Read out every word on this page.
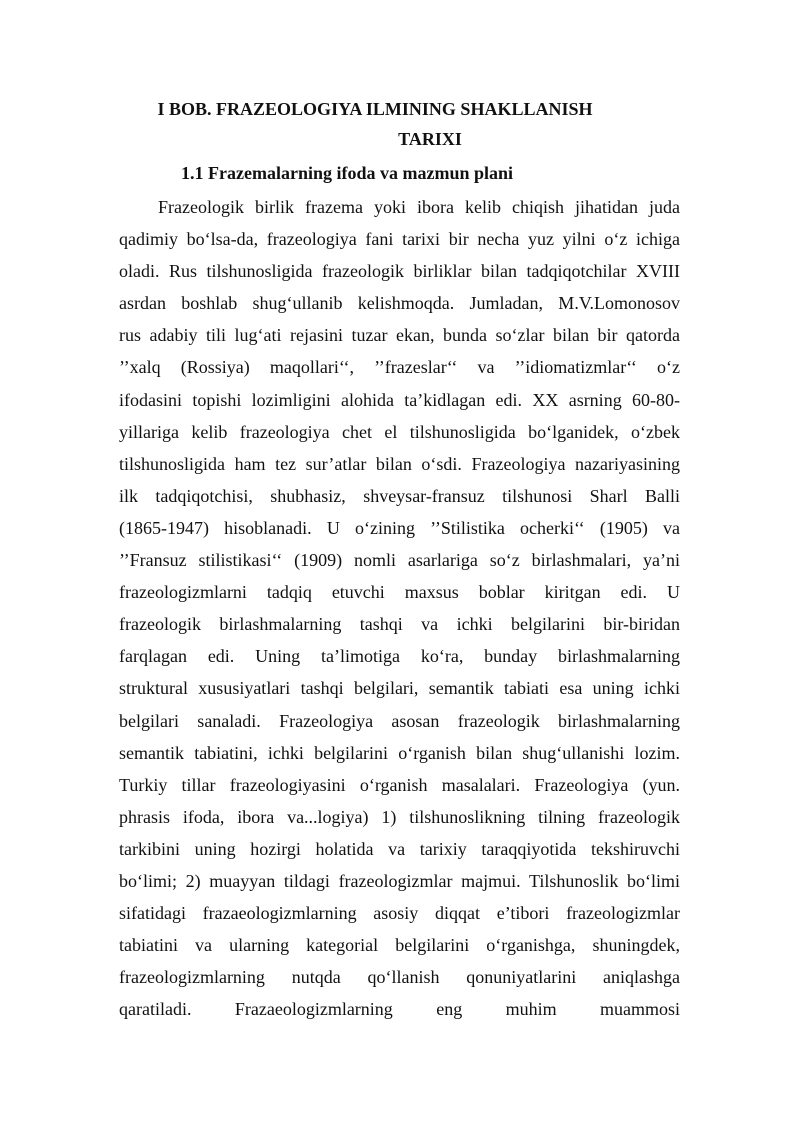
I BOB. FRAZEOLOGIYA ILMINING SHAKLLANISH
TARIXI
1.1 Frazemalarning ifoda va mazmun plani
Frazeologik birlik frazema yoki ibora kelib chiqish jihatidan juda
qadimiy bo‘lsa-da, frazeologiya fani tarixi bir necha yuz yilni o‘z ichiga
oladi. Rus tilshunosligida frazeologik birliklar bilan tadqiqotchilar XVIII
asrdan boshlab shug‘ullanib kelishmoqda. Jumladan, M.V.Lomonosov
rus adabiy tili lug‘ati rejasini tuzar ekan, bunda so‘zlar bilan bir qatorda
’’xalq (Rossiya) maqollari‘‘, ’’frazeslar‘‘ va ’’idiomatizmlar‘‘ o‘z
ifodasini topishi lozimligini alohida ta’kidlagan edi. XX asrning 60-80-
yillariga kelib frazeologiya chet el tilshunosligida bo‘lganidek, o‘zbek
tilshunosligida ham tez sur’atlar bilan o‘sdi. Frazeologiya nazariyasining
ilk tadqiqotchisi, shubhasiz, shveysar-fransuz tilshunosi Sharl Balli
(1865-1947) hisoblanadi. U o‘zining ’’Stilistika ocherki‘‘ (1905) va
’’Fransuz stilistikasi‘‘ (1909) nomli asarlariga so‘z birlashmalari, ya’ni
frazeologizmlarni tadqiq etuvchi maxsus boblar kiritgan edi. U
frazeologik birlashmalarning tashqi va ichki belgilarini bir-biridan
farqlagan edi. Uning ta’limotiga ko‘ra, bunday birlashmalarning
struktural xususiyatlari tashqi belgilari, semantik tabiati esa uning ichki
belgilari sanaladi. Frazeologiya asosan frazeologik birlashmalarning
semantik tabiatini, ichki belgilarini o‘rganish bilan shug‘ullanishi lozim.
Turkiy tillar frazeologiyasini o‘rganish masalalari. Frazeologiya (yun.
phrasis ifoda, ibora va...logiya) 1) tilshunoslikning tilning frazeologik
tarkibini uning hozirgi holatida va tarixiy taraqqiyotida tekshiruvchi
bo‘limi; 2) muayyan tildagi frazeologizmlar majmui. Tilshunoslik bo‘limi
sifatidagi frazaeologizmlarning asosiy diqqat e’tibori frazeologizmlar
tabiatini va ularning kategorial belgilarini o‘rganishga, shuningdek,
frazeologizmlarning nutqda qo‘llanish qonuniyatlarini aniqlashga
qaratiladi. Frazaeologizmlarning eng muhim muammosi
